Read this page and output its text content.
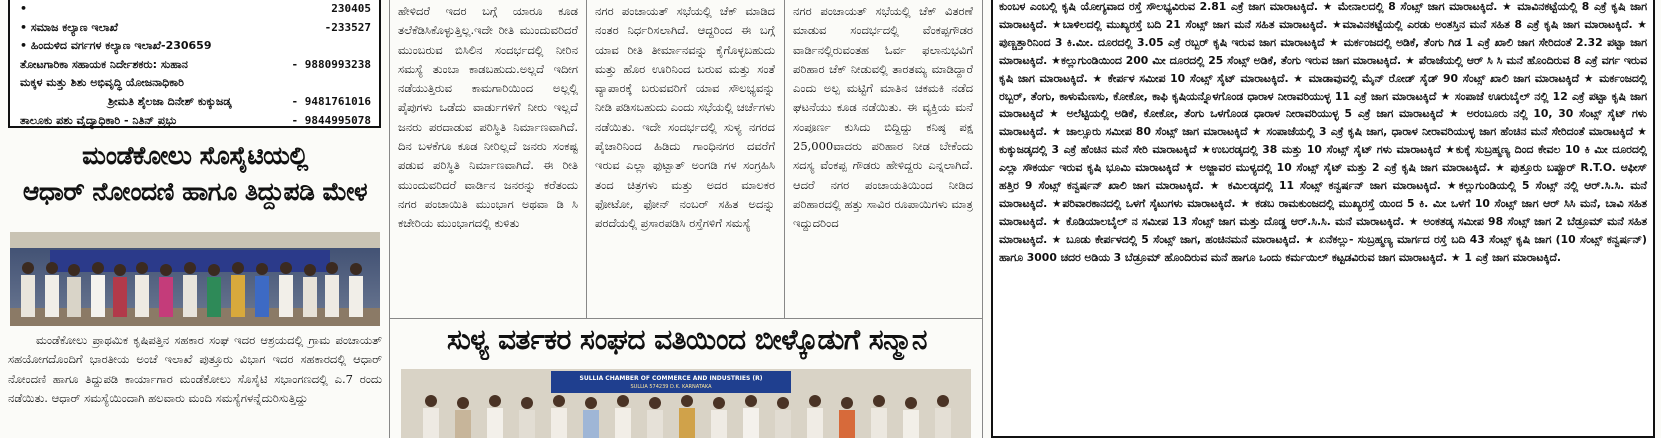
•	230405
• ಸಮಾಜ ಕಲ್ಯಾಣ ಇಲಾಖೆ	-233527
• ಹಿಂದುಳಿದ ವರ್ಗಗಳ ಕಲ್ಯಾಣ ಇಲಾಖೆ-230659
ತೋಟಗಾರಿಕಾ ಸಹಾಯಕ ನಿರ್ದೇಶಕರು: ಸುಹಾನ	- 9880993238
ಮಕ್ಕಳ ಮತ್ತು ಶಿಶು ಅಭಿವೃದ್ಧಿ ಯೋಜನಾಧಿಕಾರಿ
ಶ್ರೀಮತಿ ಶೈಲಜಾ ದಿನೇಶ್ ಕುಕ್ಕುಜಡ್ಕ	- 9481761016
ತಾಲೂಕು ಪಶು ವೈದ್ಯಾಧಿಕಾರಿ - ನಿತಿನ್ ಪ್ರಭು	- 9844995078
ಮಂಡೆಕೋಲು ಸೊಸೈಟಿಯಲ್ಲಿ
ಆಧಾರ್ ನೋಂದಣಿ ಹಾಗೂ ತಿದ್ದುಪಡಿ ಮೇಳ
ಮಂಡೆಕೋಲು ಪ್ರಾಥಮಿಕ ಕೃಷಿಪತ್ತಿನ ಸಹಕಾರ ಸಂಘ ಇದರ ಆಶ್ರಯದಲ್ಲಿ ಗ್ರಾಮ ಪಂಚಾಯತ್ ಸಹಯೋಗದೊಂದಿಗೆ ಭಾರತೀಯ ಅಂಚೆ ಇಲಾಖೆ ಪುತ್ತೂರು ವಿಭಾಗ ಇದರ ಸಹಕಾರದಲ್ಲಿ ಆಧಾರ್ ನೋಂದಣಿ ಹಾಗೂ ತಿದ್ದುಪಡಿ ಕಾರ್ಯಾಗಾರ ಮಂಡೆಕೋಲು ಸೊಸೈಟಿ ಸಭಾಂಗಣದಲ್ಲಿ ಎ.7 ರಂದು ನಡೆಯಿತು. ಆಧಾರ್ ಸಮಸ್ಯೆಯಿಂದಾಗಿ ಹಲವಾರು ಮಂದಿ ಸಮಸ್ಯೆಗಳನ್ನೆದುರಿಸುತ್ತಿದ್ದು
ಹೇಳಿದರೆ ಇದರ ಬಗ್ಗೆ ಯಾರೂ ಕೂಡ ತಲೆಕೆಡಿಸಿಕೊಳ್ಳುತ್ತಿಲ್ಲ.ಇದೇ ರೀತಿ ಮುಂದುವರಿದರೆ ಮುಂಬರುವ ಬಿಸಿಲಿನ ಸಂದರ್ಭದಲ್ಲಿ ನೀರಿನ ಸಮಸ್ಯೆ ತುಂಬಾ ಕಾಡಬಹುದು.ಅಲ್ಲದೆ ಇದೀಗ ನಡೆಯುತ್ತಿರುವ ಕಾಮಗಾರಿಯಿಂದ ಅಲ್ಲಲ್ಲಿ ಪೈಪುಗಳು ಒಡೆದು ವಾರ್ಡುಗಳಿಗೆ ನೀರು ಇಲ್ಲದೆ ಜನರು ಪರದಾಡುವ ಪರಿಸ್ಥಿತಿ ನಿರ್ಮಾಣವಾಗಿದೆ. ದಿನ ಬಳಕೆಗೂ ಕೂಡ ನೀರಿಲ್ಲದೆ ಜನರು ಸಂಕಷ್ಟ ಪಡುವ ಪರಿಸ್ಥಿತಿ ನಿರ್ಮಾಣವಾಗಿದೆ. ಈ ರೀತಿ ಮುಂದುವರಿದರೆ ವಾರ್ಡಿನ ಜನರನ್ನು ಕರೆತಂದು ನಗರ ಪಂಚಾಯಿತಿ ಮುಂಭಾಗ ಅಥವಾ ಡಿ ಸಿ ಕಚೇರಿಯ ಮುಂಭಾಗದಲ್ಲಿ ಕುಳಿತು
ನಗರ ಪಂಚಾಯತ್ ಸಭೆಯಲ್ಲಿ ಚೆಕ್ ಮಾಡಿದ ನಂತರ ನಿರ್ಧರಿಸಲಾಗಿದೆ. ಆದ್ದರಿಂದ ಈ ಬಗ್ಗೆ ಯಾವ ರೀತಿ ತೀರ್ಮಾನವನ್ನು ಕೈಗೊಳ್ಳಬಹುದು ಮತ್ತು ಹೊರ ಊರಿನಿಂದ ಬರುವ ಮತ್ತು ಸಂತೆ ವ್ಯಾಪಾರಕ್ಕೆ ಬರುವವರಿಗೆ ಯಾವ ಸೌಲಭ್ಯವನ್ನು ನೀಡಿ ಪಡಿಸಬಹುದು ಎಂದು ಸಭೆಯಲ್ಲಿ ಚರ್ಚೆಗಳು ನಡೆಯಿತು. ಇದೇ ಸಂದರ್ಭದಲ್ಲಿ ಸುಳ್ಯ ನಗರದ ಪೈಚಾರಿನಿಂದ ಹಿಡಿದು ಗಾಂಧಿನಗರ ದವರೆಗೆ ಇರುವ ಎಲ್ಲಾ ಫುಟ್ಬಾತ್ ಅಂಗಡಿ ಗಳ ಸಂಗ್ರಹಿಸಿ ತಂದ ಚಿತ್ರಗಳು ಮತ್ತು ಅದರ ಮಾಲಕರ ಫೋಟೋ, ಫೋನ್ ನಂಬರ್ ಸಹಿತ ಅದನ್ನು ಪರದೆಯಲ್ಲಿ ಪ್ರಸಾರಪಡಿಸಿ ರಸ್ತೆಗಳಿಗೆ ಸಮಸ್ಯೆ
ನಗರ ಪಂಚಾಯತ್ ಸಭೆಯಲ್ಲಿ ಚೆಕ್ ವಿತರಣೆ ಮಾಡುವ ಸಂದರ್ಭದಲ್ಲಿ ವೆಂಕಪ್ಪಗೌಡರ ವಾರ್ಡಿನಲ್ಲಿರುವಂತಹ ಓರ್ವ ಫಲಾನುಭವಿಗೆ ಪರಿಹಾರ ಚೆಕ್ ನೀಡುವಲ್ಲಿ ತಾರತಮ್ಯ ಮಾಡಿದ್ದಾರೆ ಎಂದು ಅಲ್ಪ ಮಟ್ಟಿಗೆ ಮಾತಿನ ಚಕಮಕಿ ನಡೆದ ಘಟನೆಯು ಕೂಡ ನಡೆಯಿತು. ಈ ವ್ಯಕ್ತಿಯ ಮನೆ ಸಂಪೂರ್ಣ ಕುಸಿದು ಬಿದ್ದಿದ್ದು ಕನಿಷ್ಠ ಪಕ್ಷ 25,000ವಾದರು ಪರಿಹಾರ ನೀಡ ಬೇಕೆಂದು ಸದಸ್ಯ ವೆಂಕಪ್ಪ ಗೌಡರು ಹೇಳಿದ್ದರು ಎನ್ನಲಾಗಿದೆ. ಆದರೆ ನಗರ ಪಂಚಾಯತಿಯಿಂದ ನೀಡಿದ ಪರಿಹಾರದಲ್ಲಿ ಹತ್ತು ಸಾವಿರ ರೂಪಾಯಿಗಳು ಮಾತ್ರ ಇದ್ದುದರಿಂದ
ಸುಳ್ಯ ವರ್ತಕರ ಸಂಘದ ವತಿಯಿಂದ ಬೀಳ್ಕೊಡುಗೆ ಸನ್ಮಾನ
SULLIA CHAMBER OF COMMERCE AND INDUSTRIES (R)
SULLIA 574239 D.K. KARNATAKA

ಕುಂಬಳ ಎಂಬಲ್ಲಿ ಕೃಷಿ ಯೋಗ್ಯವಾದ ರಸ್ತೆ ಸೌಲಭ್ಯವಿರುವ 2.81 ಎಕ್ರೆ ಜಾಗ ಮಾರಾಟಕ್ಕಿದೆ. ★ ಮೇನಾಲದಲ್ಲಿ 8 ಸೆಂಟ್ಸ್ ಜಾಗ ಮಾರಾಟಕ್ಕಿದೆ. ★ ಮಾವಿನಕಟ್ಟೆಯಲ್ಲಿ 8 ಎಕ್ರೆ ಕೃಷಿ ಜಾಗ ಮಾರಾಟಕ್ಕಿದೆ. ★ಬಾಳಿಲದಲ್ಲಿ ಮುಖ್ಯರಸ್ತೆ ಬದಿ 21 ಸೆಂಟ್ಸ್ ಜಾಗ ಮನೆ ಸಹಿತ ಮಾರಾಟಕ್ಕಿದೆ. ★ಮಾವಿನಕಟ್ಟೆಯಲ್ಲಿ ಎರಡು ಅಂತಸ್ತಿನ ಮನೆ ಸಹಿತ 8 ಎಕ್ರೆ ಕೃಷಿ ಜಾಗ ಮಾರಾಟಕ್ಕಿದೆ. ★ ಪುಣ್ಚತ್ತಾರಿನಿಂದ 3 ಕಿ.ಮೀ. ದೂರದಲ್ಲಿ 3.05 ಎಕ್ರೆ ರಬ್ಬರ್ ಕೃಷಿ ಇರುವ ಜಾಗ ಮಾರಾಟಕ್ಕಿದೆ ★ ಮರ್ಕಂಜದಲ್ಲಿ ಅಡಿಕೆ, ತೆಂಗು ಗಿಡ 1 ಎಕ್ರೆ ಖಾಲಿ ಜಾಗ ಸೇರಿದಂತೆ 2.32 ಪಟ್ಟಾ ಜಾಗ ಮಾರಾಟಕ್ಕಿದೆ. ★ಕಲ್ಲುಗುಂಡಿಯಿಂದ 200 ಮೀ ದೂರದಲ್ಲಿ 25 ಸೆಂಟ್ಸ್ ಅಡಿಕೆ, ತೆಂಗು ಇರುವ ಜಾಗ ಮಾರಾಟಕ್ಕಿದೆ. ★ ಪೆರಾಜೆಯಲ್ಲಿ ಆರ್ ಸಿ ಸಿ ಮನೆ ಹೊಂದಿರುವ 8 ಎಕ್ರೆ ವರ್ಗ ಇರುವ ಕೃಷಿ ಜಾಗ ಮಾರಾಟಕ್ಕಿದೆ. ★ ಕೇರ್ಪಳ ಸಮೀಪ 10 ಸೆಂಟ್ಸ್ ಸೈಟ್ ಮಾರಾಟಕ್ಕಿದೆ. ★ ಮಾಡಾವುವಲ್ಲಿ ಮೈನ್ ರೋಡ್ ಸೈಡ್ 90 ಸೆಂಟ್ಸ್ ಖಾಲಿ ಜಾಗ ಮಾರಾಟಕ್ಕಿದೆ ★ ಮರ್ಕಂಜದಲ್ಲಿ ರಬ್ಬರ್, ತೆಂಗು, ಕಾಳುಮೆಣಸು, ಕೋಕೋ, ಕಾಫಿ ಕೃಷಿಯನ್ನೊಳಗೊಂಡ ಧಾರಾಳ ನೀರಾವರಿಯುಳ್ಳ 11 ಎಕ್ರೆ ಜಾಗ ಮಾರಾಟಕ್ಕಿದೆ ★ ಸಂಪಾಜೆ ಊರುಬೈಲ್ ನಲ್ಲಿ 12 ಎಕ್ರೆ ಪಟ್ಟಾ ಕೃಷಿ ಜಾಗ ಮಾರಾಟಕ್ಕಿದೆ ★ ಅಲೆಟ್ಟಿಯಲ್ಲಿ ಅಡಿಕೆ, ಕೋಕೋ, ತೆಂಗು ಒಳಗೊಂಡ ಧಾರಾಳ ನೀರಾವರಿಯುಳ್ಳ 5 ಎಕ್ರೆ ಜಾಗ ಮಾರಾಟಕ್ಕಿದೆ ★ ಅರಂಬೂರು ನಲ್ಲಿ 10, 30 ಸೆಂಟ್ಸ್ ಸೈಟ್ ಗಳು ಮಾರಾಟಕ್ಕಿದೆ. ★ ಜಾಲ್ಸೂರು ಸಮೀಪ 80 ಸೆಂಟ್ಸ್ ಜಾಗ ಮಾರಾಟಕ್ಕಿದೆ ★ ಸಂಪಾಜೆಯಲ್ಲಿ 3 ಎಕ್ರೆ ಕೃಷಿ ಜಾಗ, ಧಾರಾಳ ನೀರಾವರಿಯುಳ್ಳ ಜಾಗ ಹೆಂಚಿನ ಮನೆ ಸೇರಿದಂತೆ ಮಾರಾಟಕ್ಕಿದೆ ★ ಕುಕ್ಕುಜಡ್ಕದಲ್ಲಿ 3 ಎಕ್ರೆ ಹೆಂಚಿನ ಮನೆ ಸೇರಿ ಮಾರಾಟಕ್ಕಿದೆ ★ಉಬರಡ್ಕದಲ್ಲಿ 38 ಮತ್ತು 10 ಸೆಂಟ್ಸ್ ಸೈಟ್ ಗಳು ಮಾರಾಟಕ್ಕಿದೆ ★ಕುಕ್ಕೆ ಸುಬ್ರಹ್ಮಣ್ಯ ದಿಂದ ಕೇವಲ 10 ಕಿ ಮೀ ದೂರದಲ್ಲಿ ಎಲ್ಲಾ ಸೌಕರ್ಯ ಇರುವ ಕೃಷಿ ಭೂಮಿ ಮಾರಾಟಕ್ಕಿದೆ ★ ಅಜ್ಜಾವರ ಮುಳ್ಯದಲ್ಲಿ 10 ಸೆಂಟ್ಸ್ ಸೈಟ್ ಮತ್ತು 2 ಎಕ್ರೆ ಕೃಷಿ ಜಾಗ ಮಾರಾಟಕ್ಕಿದೆ. ★ ಪುತ್ತೂರು ಬಪ್ಪೂರ್ R.T.O. ಆಫೀಸ್ ಹತ್ತಿರ 9 ಸೆಂಟ್ಸ್ ಕನ್ವರ್ಷನ್ ಖಾಲಿ ಜಾಗ ಮಾರಾಟಕ್ಕಿದೆ. ★ ಕಮಿಲಡ್ಕದಲ್ಲಿ 11 ಸೆಂಟ್ಸ್ ಕನ್ವರ್ಷನ್ ಜಾಗ ಮಾರಾಟಕ್ಕಿದೆ. ★ಕಲ್ಲುಗುಂಡಿಯಲ್ಲಿ 5 ಸೆಂಟ್ಸ್ ನಲ್ಲಿ ಆರ್.ಸಿ.ಸಿ. ಮನೆ ಮಾರಾಟಕ್ಕಿದೆ. ★ಪರಿವಾರಕಾನದಲ್ಲಿ ಒಳಗೆ ಸೈಟುಗಳು ಮಾರಾಟಕ್ಕಿದೆ. ★ ಕಡಬ ರಾಮಕುಂಜದಲ್ಲಿ ಮುಖ್ಯರಸ್ತೆ ಯಿಂದ 5 ಕಿ. ಮೀ ಒಳಗೆ 10 ಸೆಂಟ್ಸ್ ಜಾಗ ಆರ್ ಸಿಸಿ ಮನೆ, ಬಾವಿ ಸಹಿತ ಮಾರಾಟಕ್ಕಿದೆ. ★ ಕೊಡಿಯಾಲಬೈಲ್ ನ ಸಮೀಪ 13 ಸೆಂಟ್ಸ್ ಜಾಗ ಮತ್ತು ದೊಡ್ಡ ಆರ್.ಸಿ.ಸಿ. ಮನೆ ಮಾರಾಟಕ್ಕಿದೆ. ★ ಅಂಕತಡ್ಕ ಸಮೀಪ 98 ಸೆಂಟ್ಸ್ ಜಾಗ 2 ಬೆಡ್ರೂಮ್ ಮನೆ ಸಹಿತ ಮಾರಾಟಕ್ಕಿದೆ. ★ ಬೂಡು ಕೇರ್ಪಳದಲ್ಲಿ 5 ಸೆಂಟ್ಸ್ ಜಾಗ, ಹಂಚಿನಮನೆ ಮಾರಾಟಕ್ಕಿದೆ. ★ ಏನೆಕಲ್ಲು- ಸುಬ್ರಹ್ಮಣ್ಯ ಮಾರ್ಗದ ರಸ್ತೆ ಬದಿ 43 ಸೆಂಟ್ಸ್ ಕೃಷಿ ಜಾಗ (10 ಸೆಂಟ್ಸ್ ಕನ್ವರ್ಷನ್) ಹಾಗೂ 3000 ಚದರ ಅಡಿಯ 3 ಬೆಡ್ರೂಮ್ ಹೊಂದಿರುವ ಮನೆ ಹಾಗೂ ಒಂದು ಕರ್ಮಯಿಲ್ ಕಟ್ಟಡವಿರುವ ಜಾಗ ಮಾರಾಟಕ್ಕಿದೆ. ★ 1 ಎಕ್ರೆ ಜಾಗ ಮಾರಾಟಕ್ಕಿದೆ.
